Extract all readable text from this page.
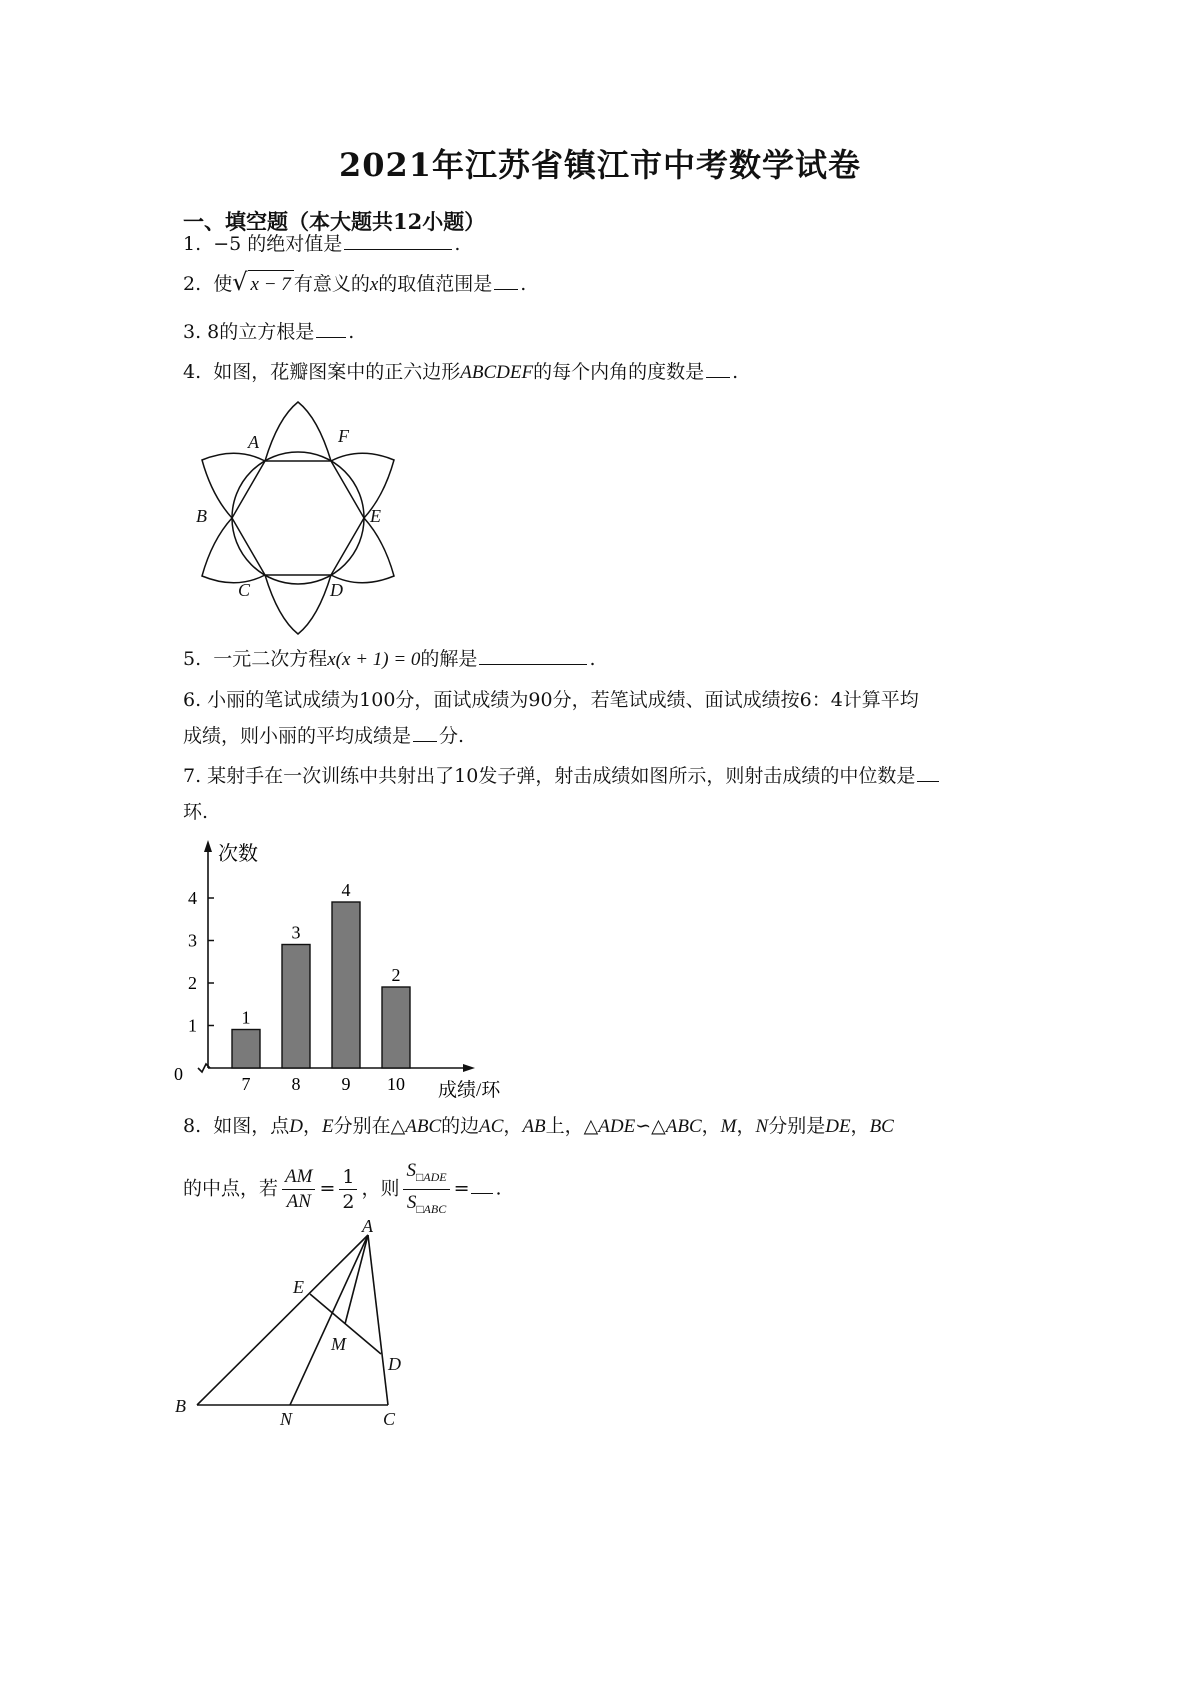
2021年江苏省镇江市中考数学试卷
一、填空题（本大题共12小题）
1. −5 的绝对值是	.
2. 使√ x − 7 有意义的x的取值范围是 .
3. 8的立方根是 .
4. 如图，花瓣图案中的正六边形ABCDEF的每个内角的度数是 .
A	F
B	E
C	D
5. 一元二次方程x(x + 1) = 0的解是	.
6. 小丽的笔试成绩为100分，面试成绩为90分，若笔试成绩、面试成绩按6：4计算平均
成绩，则小丽的平均成绩是 分.
7. 某射手在一次训练中共射出了10发子弹，射击成绩如图所示，则射击成绩的中位数是
环.
次数
成绩/环
0
1
2
3
4
1
7
3
8
4
9
2
10
8. 如图，点D，E分别在△ABC的边AC，AB上，△ADE∽△ABC，M，N分别是DE，BC
的中点，若 $\frac{AM}{AN} = \frac{1}{2}$ ，则 $\frac{S_{□ADE}}{S_{□ABC}}$ = .
A
E
M
D
B
N	C
